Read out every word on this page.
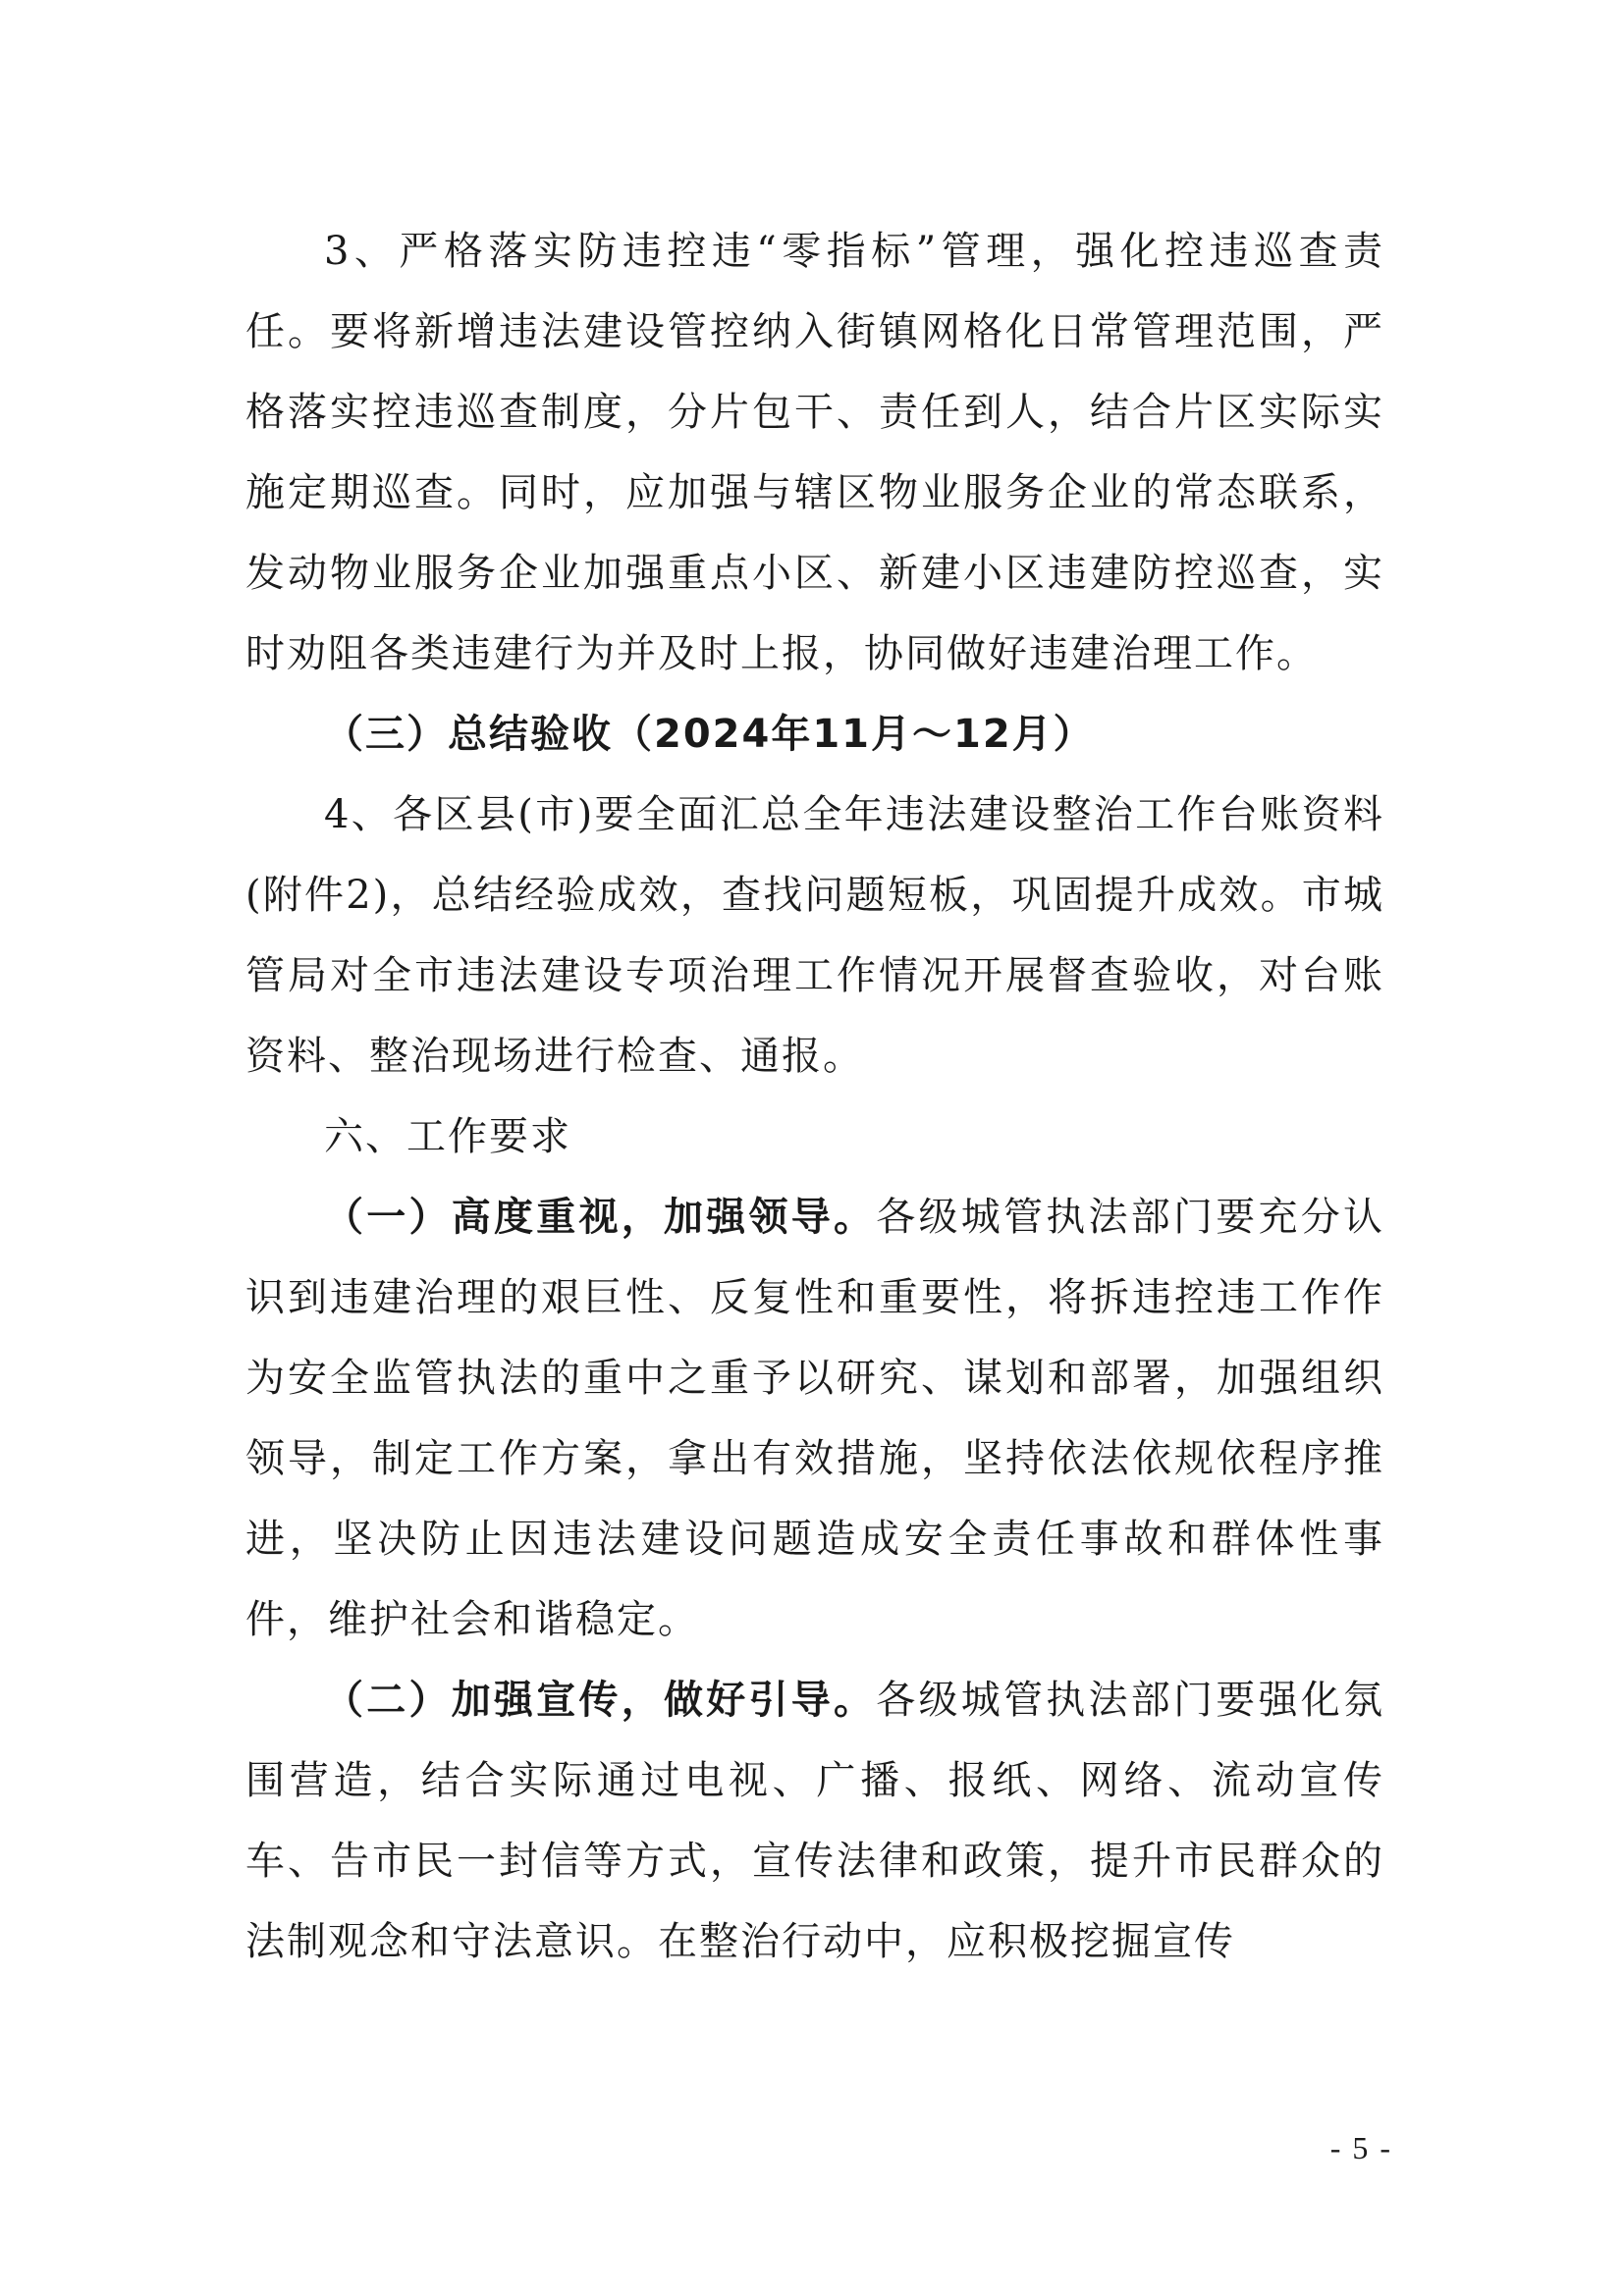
3、严格落实防违控违“零指标”管理，强化控违巡查责任。要将新增违法建设管控纳入街镇网格化日常管理范围，严格落实控违巡查制度，分片包干、责任到人，结合片区实际实施定期巡查。同时，应加强与辖区物业服务企业的常态联系，发动物业服务企业加强重点小区、新建小区违建防控巡查，实时劝阻各类违建行为并及时上报，协同做好违建治理工作。

（三）总结验收（2024年11月～12月）

4、各区县(市)要全面汇总全年违法建设整治工作台账资料(附件2)，总结经验成效，查找问题短板，巩固提升成效。市城管局对全市违法建设专项治理工作情况开展督查验收，对台账资料、整治现场进行检查、通报。

六、工作要求

（一）高度重视，加强领导。各级城管执法部门要充分认识到违建治理的艰巨性、反复性和重要性，将拆违控违工作作为安全监管执法的重中之重予以研究、谋划和部署，加强组织领导，制定工作方案，拿出有效措施，坚持依法依规依程序推进，坚决防止因违法建设问题造成安全责任事故和群体性事件，维护社会和谐稳定。

（二）加强宣传，做好引导。各级城管执法部门要强化氛围营造，结合实际通过电视、广播、报纸、网络、流动宣传车、告市民一封信等方式，宣传法律和政策，提升市民群众的法制观念和守法意识。在整治行动中，应积极挖掘宣传

- 5 -
